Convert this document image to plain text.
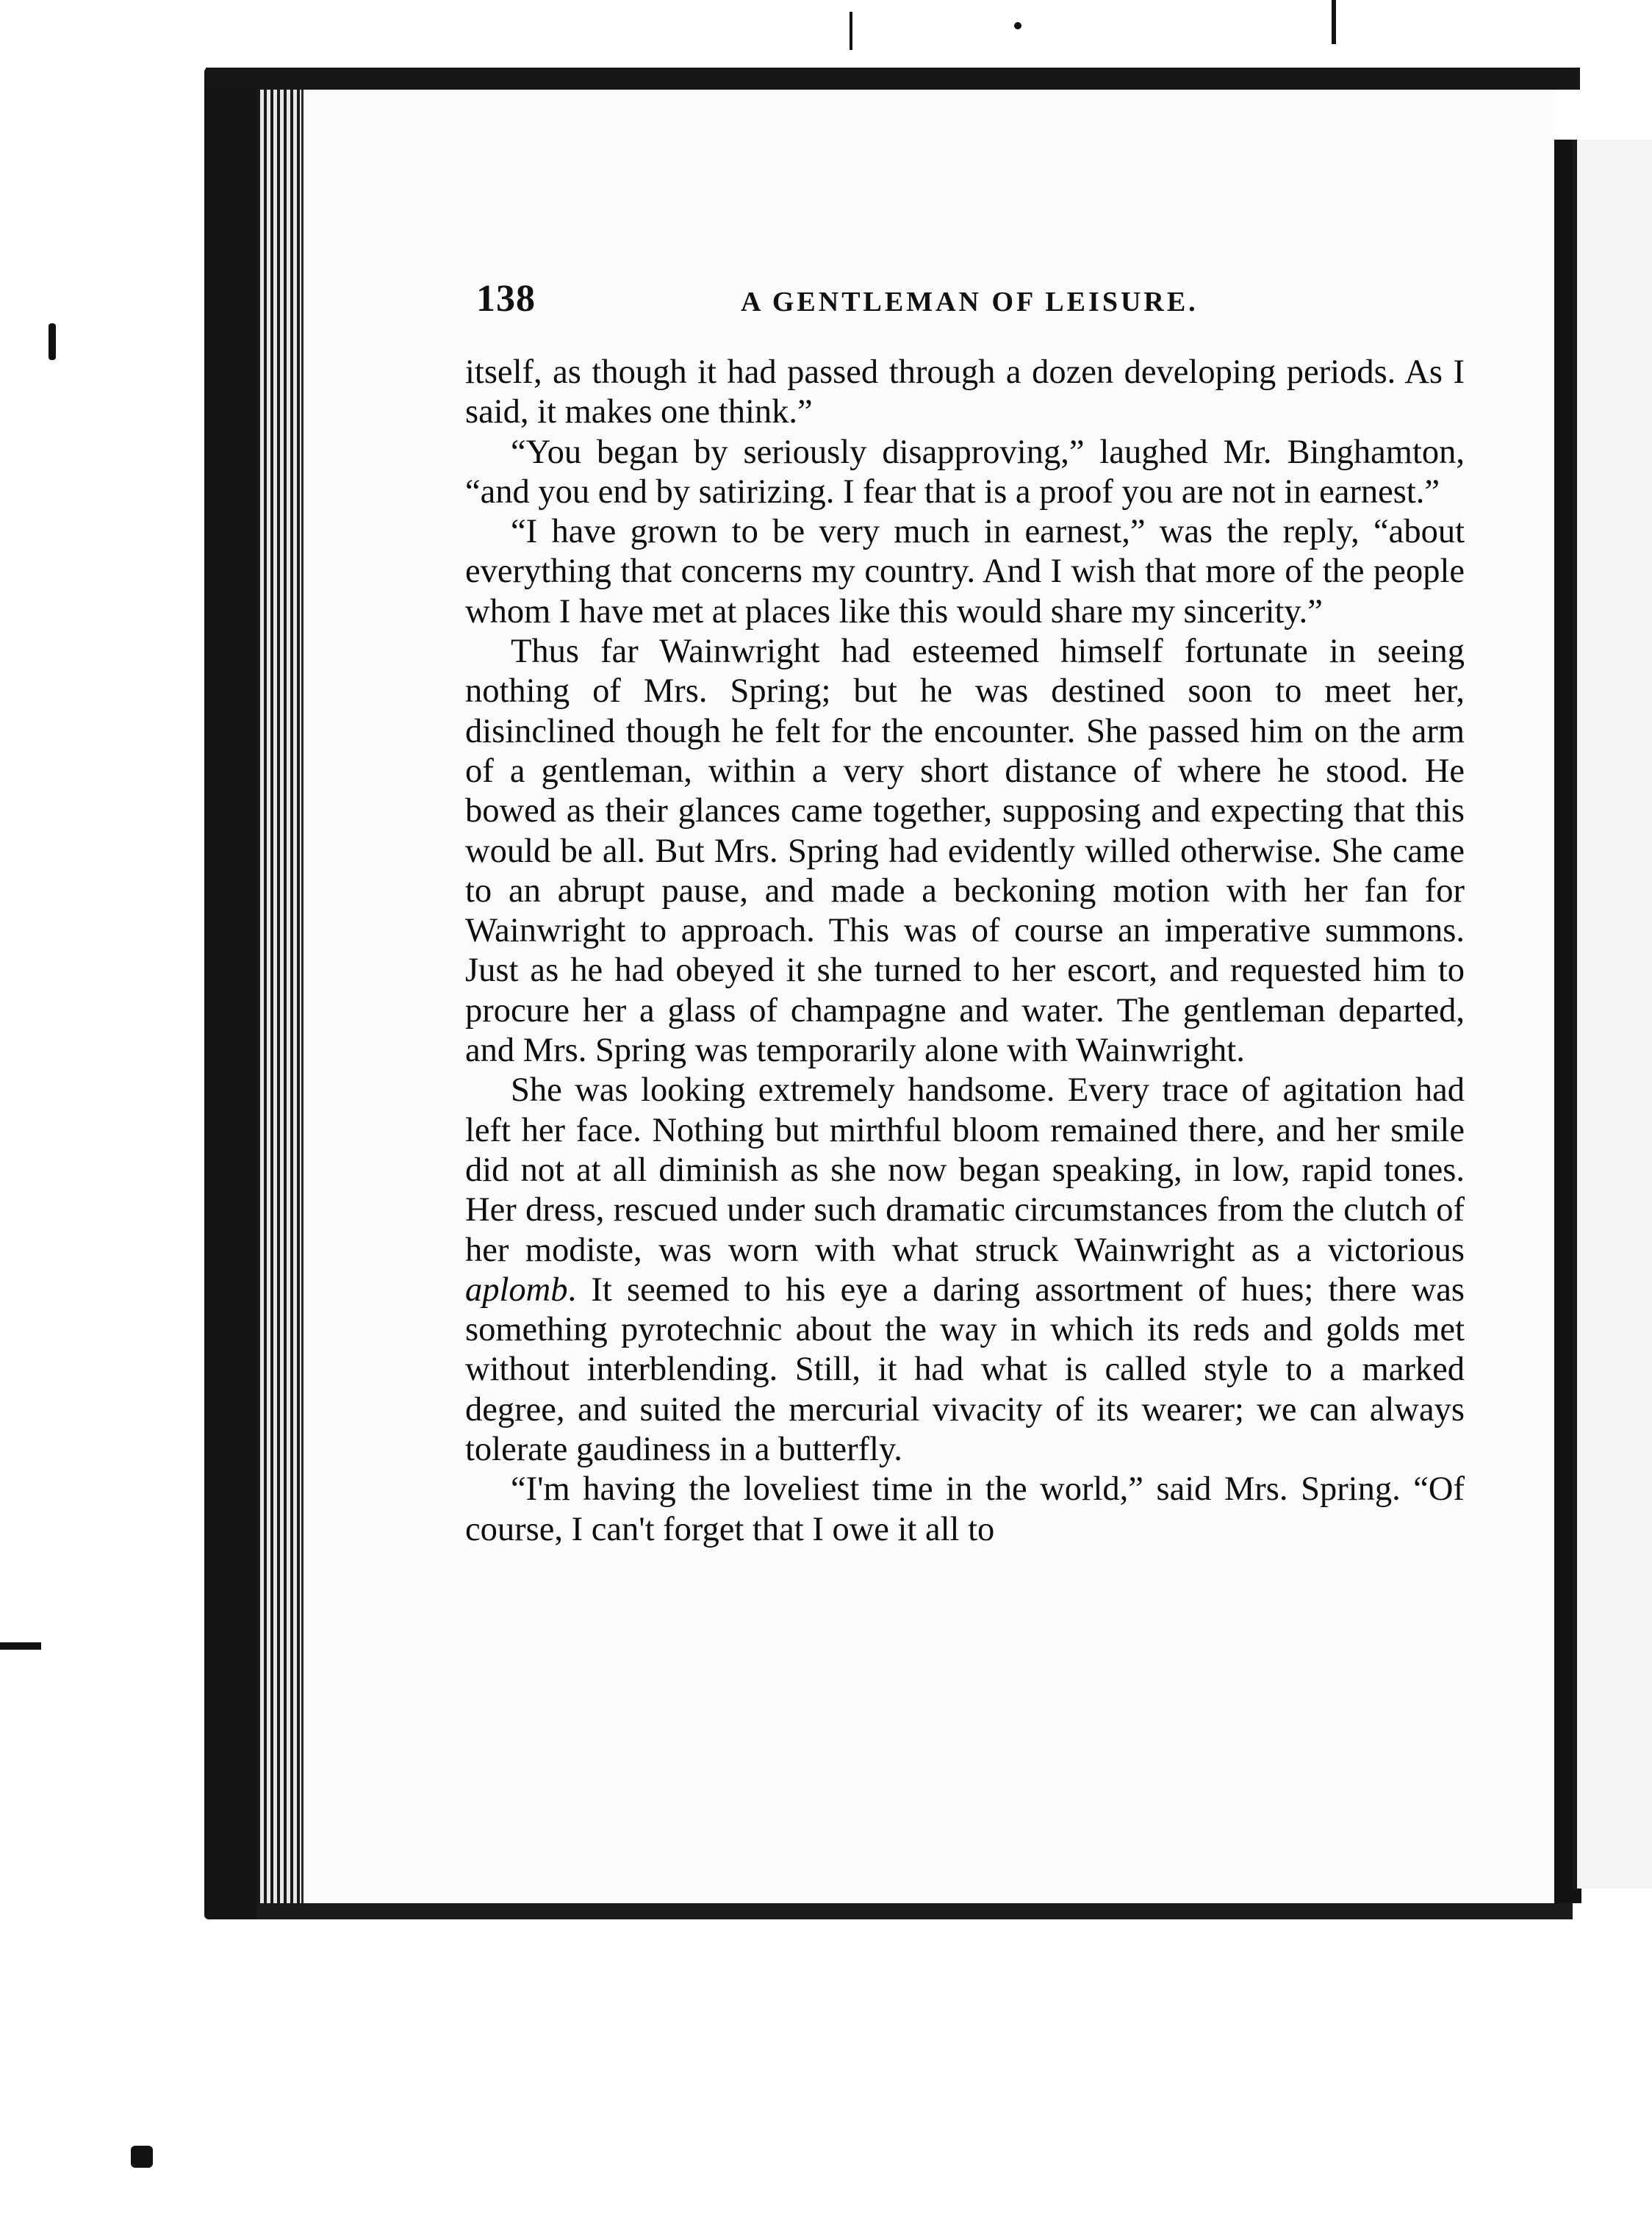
138	A GENTLEMAN OF LEISURE.

itself, as though it had passed through a dozen developing periods. As I said, it makes one think.”

“You began by seriously disapproving,” laughed Mr. Binghamton, “and you end by satirizing. I fear that is a proof you are not in earnest.”

“I have grown to be very much in earnest,” was the reply, “about everything that concerns my country. And I wish that more of the people whom I have met at places like this would share my sincerity.”

Thus far Wainwright had esteemed himself fortunate in seeing nothing of Mrs. Spring; but he was destined soon to meet her, disinclined though he felt for the encounter. She passed him on the arm of a gentleman, within a very short distance of where he stood. He bowed as their glances came together, supposing and expecting that this would be all. But Mrs. Spring had evidently willed otherwise. She came to an abrupt pause, and made a beckoning motion with her fan for Wainwright to approach. This was of course an imperative summons. Just as he had obeyed it she turned to her escort, and requested him to procure her a glass of champagne and water. The gentleman departed, and Mrs. Spring was temporarily alone with Wainwright.

She was looking extremely handsome. Every trace of agitation had left her face. Nothing but mirthful bloom remained there, and her smile did not at all diminish as she now began speaking, in low, rapid tones. Her dress, rescued under such dramatic circumstances from the clutch of her modiste, was worn with what struck Wainwright as a victorious aplomb. It seemed to his eye a daring assortment of hues; there was something pyrotechnic about the way in which its reds and golds met without interblending. Still, it had what is called style to a marked degree, and suited the mercurial vivacity of its wearer; we can always tolerate gaudiness in a butterfly.

“I'm having the loveliest time in the world,” said Mrs. Spring. “Of course, I can't forget that I owe it all to
